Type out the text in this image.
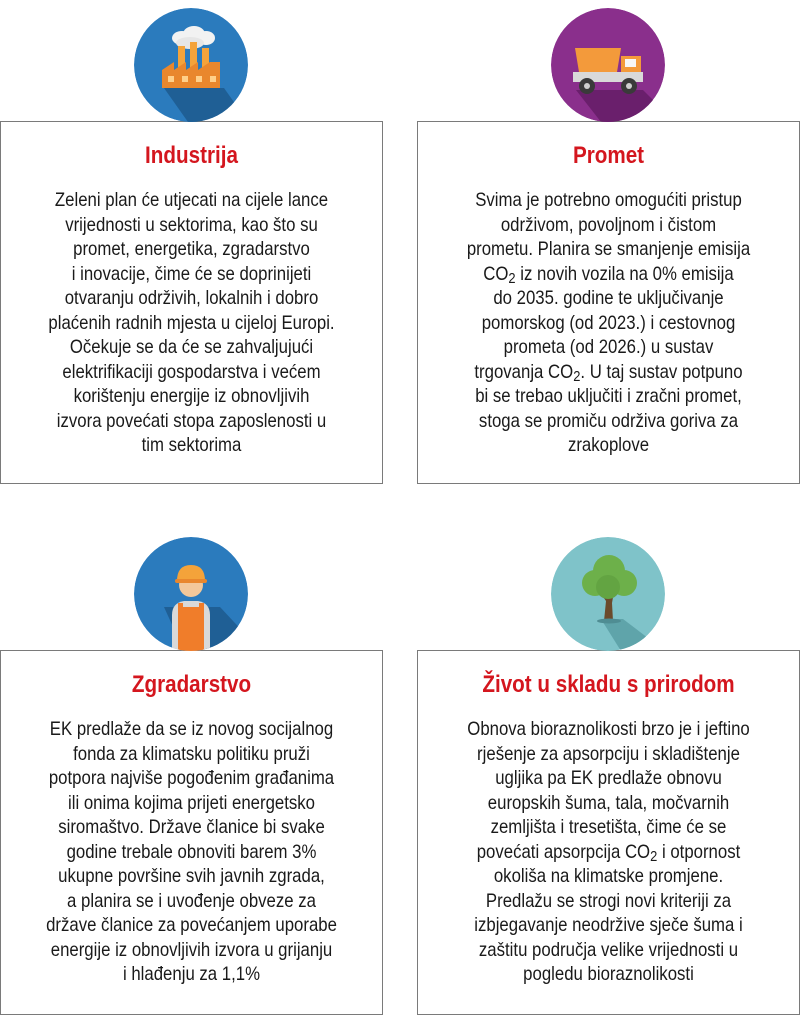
Industrija
Zeleni plan će utjecati na cijele lance
vrijednosti u sektorima, kao što su
promet, energetika, zgradarstvo
i inovacije, čime će se doprinijeti
otvaranju održivih, lokalnih i dobro
plaćenih radnih mjesta u cijeloj Europi.
Očekuje se da će se zahvaljujući
elektrifikaciji gospodarstva i većem
korištenju energije iz obnovljivih
izvora povećati stopa zaposlenosti u
tim sektorima
Promet
Svima je potrebno omogućiti pristup
održivom, povoljnom i čistom
prometu. Planira se smanjenje emisija
$CO_2$ iz novih vozila na 0% emisija
do 2035. godine te uključivanje
pomorskog (od 2023.) i cestovnog
prometa (od 2026.) u sustav
trgovanja $CO_2$. U taj sustav potpuno
bi se trebao uključiti i zračni promet,
stoga se promiču održiva goriva za
zrakoplove
Zgradarstvo
EK predlaže da se iz novog socijalnog
fonda za klimatsku politiku pruži
potpora najviše pogođenim građanima
ili onima kojima prijeti energetsko
siromaštvo. Države članice bi svake
godine trebale obnoviti barem 3%
ukupne površine svih javnih zgrada,
a planira se i uvođenje obveze za
države članice za povećanjem uporabe
energije iz obnovljivih izvora u grijanju
i hlađenju za 1,1%
Život u skladu s prirodom
Obnova bioraznolikosti brzo je i jeftino
rješenje za apsorpciju i skladištenje
ugljika pa EK predlaže obnovu
europskih šuma, tala, močvarnih
zemljišta i tresetišta, čime će se
povećati apsorpcija $CO_2$ i otpornost
okoliša na klimatske promjene.
Predlažu se strogi novi kriteriji za
izbjegavanje neodržive sječe šuma i
zaštitu područja velike vrijednosti u
pogledu bioraznolikosti
